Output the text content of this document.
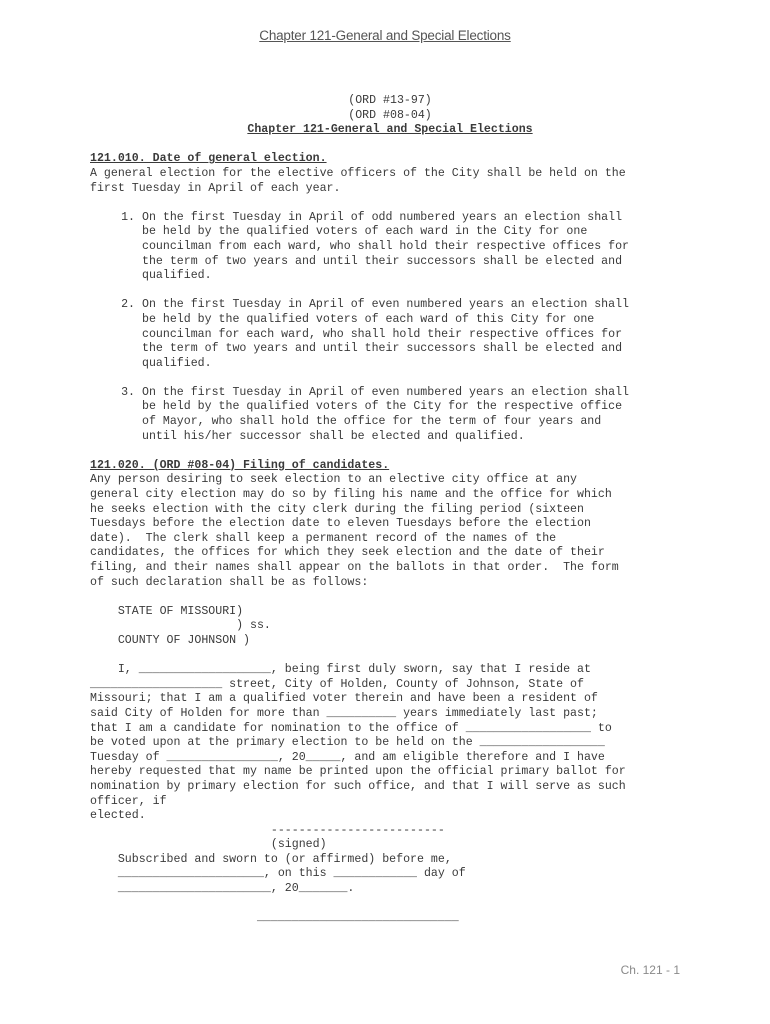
Chapter 121-General and Special Elections

(ORD #13-97)

(ORD #08-04)

Chapter 121-General and Special Elections

121.010. Date of general election.

A general election for the elective officers of the City shall be held on the

first Tuesday in April of each year.

1. On the first Tuesday in April of odd numbered years an election shall

be held by the qualified voters of each ward in the City for one

councilman from each ward, who shall hold their respective offices for

the term of two years and until their successors shall be elected and

qualified.

2. On the first Tuesday in April of even numbered years an election shall

be held by the qualified voters of each ward of this City for one

councilman for each ward, who shall hold their respective offices for

the term of two years and until their successors shall be elected and

qualified.

3. On the first Tuesday in April of even numbered years an election shall

be held by the qualified voters of the City for the respective office

of Mayor, who shall hold the office for the term of four years and

until his/her successor shall be elected and qualified.

121.020. (ORD #08-04) Filing of candidates.

Any person desiring to seek election to an elective city office at any

general city election may do so by filing his name and the office for which

he seeks election with the city clerk during the filing period (sixteen

Tuesdays before the election date to eleven Tuesdays before the election

date).  The clerk shall keep a permanent record of the names of the

candidates, the offices for which they seek election and the date of their

filing, and their names shall appear on the ballots in that order.  The form

of such declaration shall be as follows:

STATE OF MISSOURI)

) ss.

COUNTY OF JOHNSON )

I, ___________________, being first duly sworn, say that I reside at

___________________ street, City of Holden, County of Johnson, State of

Missouri; that I am a qualified voter therein and have been a resident of

said City of Holden for more than __________ years immediately last past;

that I am a candidate for nomination to the office of __________________ to

be voted upon at the primary election to be held on the __________________

Tuesday of ________________, 20_____, and am eligible therefore and I have

hereby requested that my name be printed upon the official primary ballot for

nomination by primary election for such office, and that I will serve as such

officer, if

elected.

-------------------------

(signed)

Subscribed and sworn to (or affirmed) before me,

_____________________, on this ____________ day of

______________________, 20_______.

_____________________________

Ch. 121 - 1
